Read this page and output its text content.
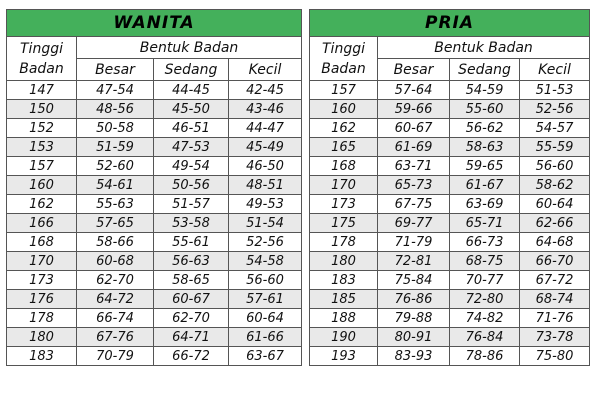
WANITA			
Tinggi
Badan	Bentuk Badan		
	Besar	Sedang	Kecil
147	47-54	44-45	42-45
150	48-56	45-50	43-46
152	50-58	46-51	44-47
153	51-59	47-53	45-49
157	52-60	49-54	46-50
160	54-61	50-56	48-51
162	55-63	51-57	49-53
166	57-65	53-58	51-54
168	58-66	55-61	52-56
170	60-68	56-63	54-58
173	62-70	58-65	56-60
176	64-72	60-67	57-61
178	66-74	62-70	60-64
180	67-76	64-71	61-66
183	70-79	66-72	63-67
PRIA			
Tinggi
Badan	Bentuk Badan		
	Besar	Sedang	Kecil
157	57-64	54-59	51-53
160	59-66	55-60	52-56
162	60-67	56-62	54-57
165	61-69	58-63	55-59
168	63-71	59-65	56-60
170	65-73	61-67	58-62
173	67-75	63-69	60-64
175	69-77	65-71	62-66
178	71-79	66-73	64-68
180	72-81	68-75	66-70
183	75-84	70-77	67-72
185	76-86	72-80	68-74
188	79-88	74-82	71-76
190	80-91	76-84	73-78
193	83-93	78-86	75-80
